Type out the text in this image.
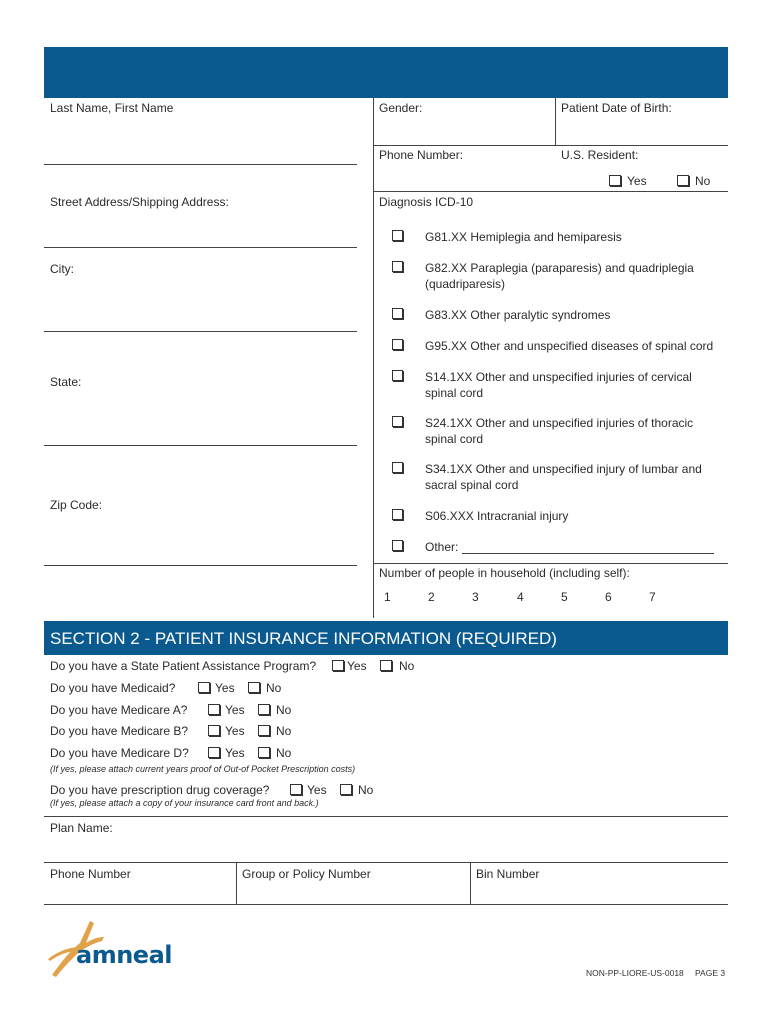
Last Name, First Name
Street Address/Shipping Address:
City:
State:
Zip Code:
Gender:	Patient Date of Birth:
Phone Number:	U.S. Resident:
Yes	No
Diagnosis ICD-10
G81.XX Hemiplegia and hemiparesis
G82.XX Paraplegia (paraparesis) and quadriplegia (quadriparesis)
G83.XX Other paralytic syndromes
G95.XX Other and unspecified diseases of spinal cord
S14.1XX Other and unspecified injuries of cervical spinal cord
S24.1XX Other and unspecified injuries of thoracic spinal cord
S34.1XX Other and unspecified injury of lumbar and sacral spinal cord
S06.XXX Intracranial injury
Other:
Number of people in household (including self):
1	2	3	4	5	6	7
SECTION 2 - PATIENT INSURANCE INFORMATION (REQUIRED)
Do you have a State Patient Assistance Program?	Yes	No
Do you have Medicaid?	Yes	No
Do you have Medicare A?	Yes	No
Do you have Medicare B?	Yes	No
Do you have Medicare D?	Yes	No
(If yes, please attach current years proof of Out-of Pocket Prescription costs)
Do you have prescription drug coverage?	Yes	No
(If yes, please attach a copy of your insurance card front and back.)
Plan Name:
Phone Number	Group or Policy Number	Bin Number
amneal
NON-PP-LIORE-US-0018 PAGE 3
